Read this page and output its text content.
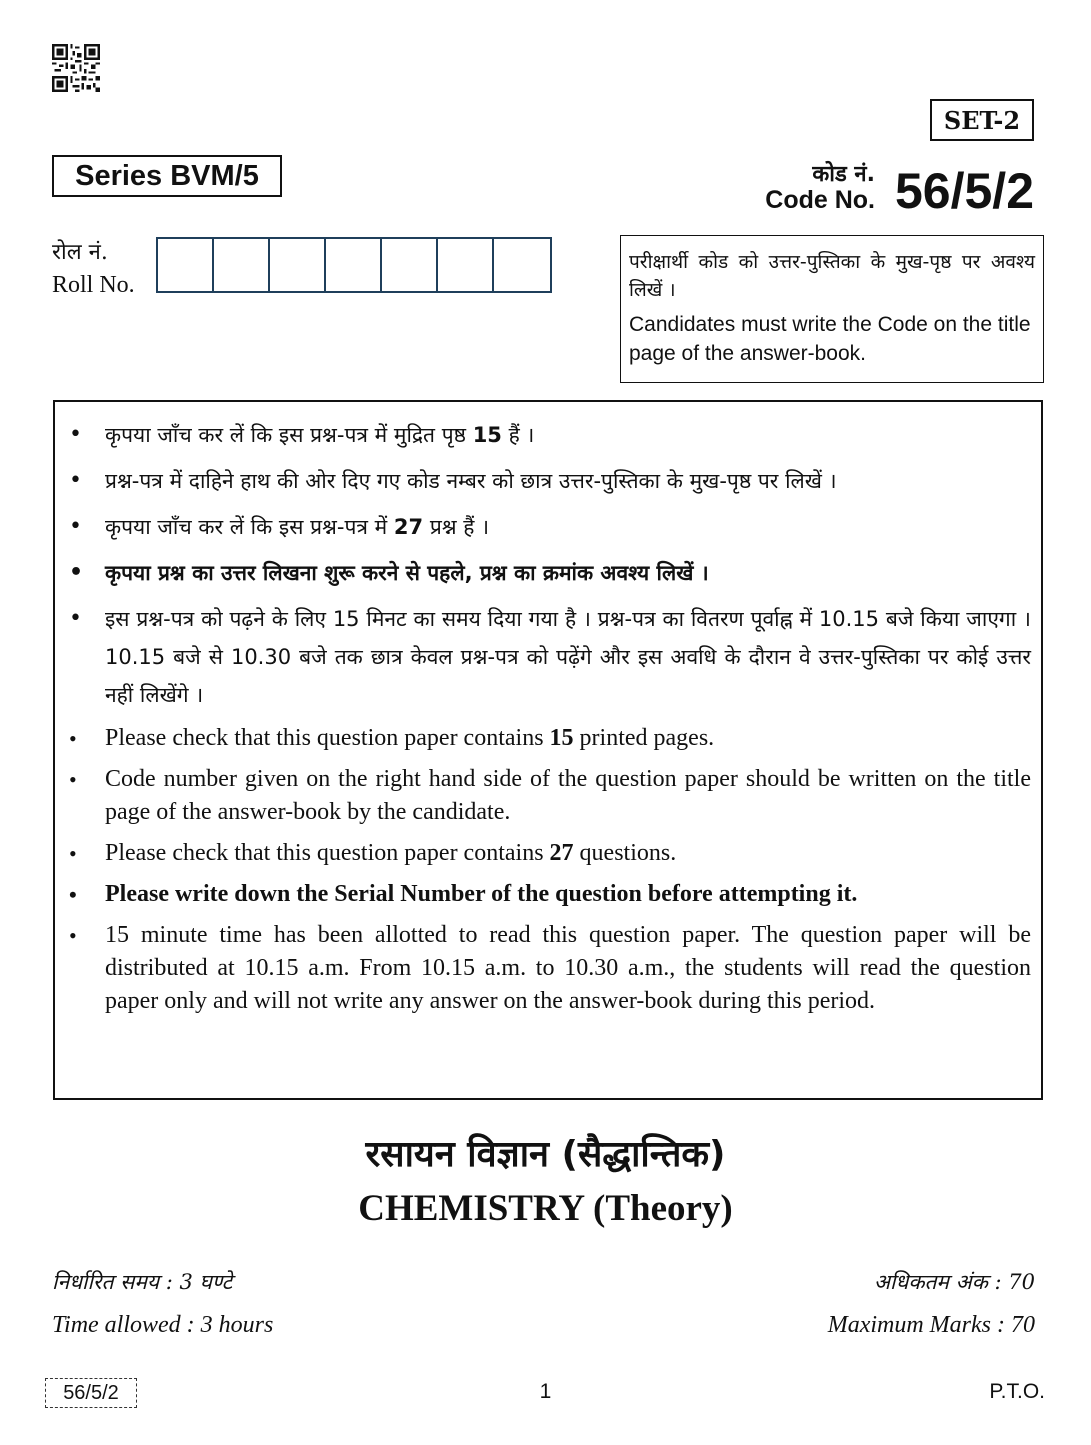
SET-2
Series BVM/5	कोड नं.
Code No. 56/5/2
रोल नं.
Roll No.

परीक्षार्थी कोड को उत्तर-पुस्तिका के मुख-पृष्ठ पर अवश्य लिखें ।

Candidates must write the Code on the title page of the answer-book.

• कृपया जाँच कर लें कि इस प्रश्न-पत्र में मुद्रित पृष्ठ 15 हैं ।
• प्रश्न-पत्र में दाहिने हाथ की ओर दिए गए कोड नम्बर को छात्र उत्तर-पुस्तिका के मुख-पृष्ठ पर लिखें ।
• कृपया जाँच कर लें कि इस प्रश्न-पत्र में 27 प्रश्न हैं ।
• कृपया प्रश्न का उत्तर लिखना शुरू करने से पहले, प्रश्न का क्रमांक अवश्य लिखें ।
• इस प्रश्न-पत्र को पढ़ने के लिए 15 मिनट का समय दिया गया है । प्रश्न-पत्र का वितरण पूर्वाह्न में 10.15 बजे किया जाएगा । 10.15 बजे से 10.30 बजे तक छात्र केवल प्रश्न-पत्र को पढ़ेंगे और इस अवधि के दौरान वे उत्तर-पुस्तिका पर कोई उत्तर नहीं लिखेंगे ।
• Please check that this question paper contains 15 printed pages.
• Code number given on the right hand side of the question paper should be written on the title page of the answer-book by the candidate.
• Please check that this question paper contains 27 questions.
• Please write down the Serial Number of the question before attempting it.
• 15 minute time has been allotted to read this question paper. The question paper will be distributed at 10.15 a.m. From 10.15 a.m. to 10.30 a.m., the students will read the question paper only and will not write any answer on the answer-book during this period.
रसायन विज्ञान (सैद्धान्तिक)
CHEMISTRY (Theory)
निर्धारित समय : 3 घण्टे
Time allowed : 3 hours
अधिकतम अंक : 70
Maximum Marks : 70
56/5/2	1	P.T.O.
